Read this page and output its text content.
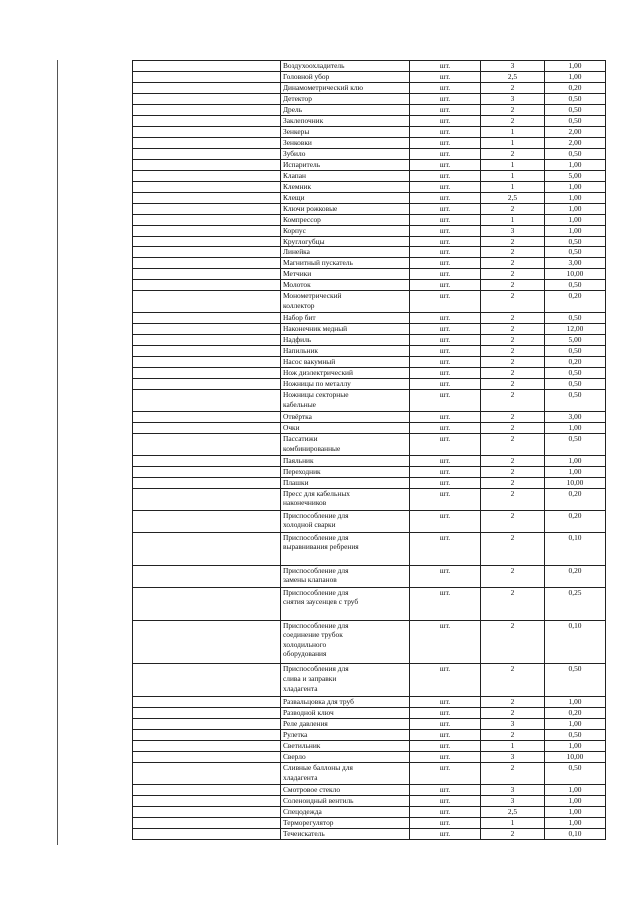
	Воздухоохладитель	шт.	3	1,00
	Головной убор	шт.	2,5	1,00
	Динамометрический клю	шт.	2	0,20
	Детектор	шт.	3	0,50
	Дрель	шт.	2	0,50
	Заклепочник	шт.	2	0,50
	Зенкеры	шт.	1	2,00
	Зенковки	шт.	1	2,00
	Зубило	шт.	2	0,50
	Испаритель	шт.	1	1,00
	Клапан	шт.	1	5,00
	Клемник	шт.	1	1,00
	Клещи	шт.	2,5	1,00
	Ключи рожковые	шт.	2	1,00
	Компрессор	шт.	1	1,00
	Корпус	шт.	3	1,00
	Круглогубцы	шт.	2	0,50
	Линейка	шт.	2	0,50
	Магнитный пускатель	шт.	2	3,00
	Метчики	шт.	2	10,00
	Молоток	шт.	2	0,50
	Монометрический
коллектор	шт.	2	0,20
	Набор бит	шт.	2	0,50
	Наконечник медный	шт.	2	12,00
	Надфиль	шт.	2	5,00
	Напильник	шт.	2	0,50
	Насос вакумный	шт.	2	0,20
	Нож диэлектрический	шт.	2	0,50
	Ножницы по металлу	шт.	2	0,50
	Ножницы секторные
кабельные	шт.	2	0,50
	Отвёртка	шт.	2	3,00
	Очки	шт.	2	1,00
	Пассатижи
комбинированные	шт.	2	0,50
	Паяльник	шт.	2	1,00
	Переходник	шт.	2	1,00
	Плашки	шт.	2	10,00
	Пресс для кабельных
наконечников	шт.	2	0,20
	Приспособление для
холодной сварки	шт.	2	0,20
	Приспособление для
выравнивания ребрения	шт.	2	0,10
	Приспособление для
замены клапанов	шт.	2	0,20
	Приспособление для
снятия заусенцев с труб	шт.	2	0,25
	Приспособление для
соединение трубок
холодильного
оборудования	шт.	2	0,10
	Приспособления для
слива и заправки
хладагента	шт.	2	0,50
	Развальцовка для труб	шт.	2	1,00
	Разводной ключ	шт.	2	0,20
	Реле давления	шт.	3	1,00
	Рулетка	шт.	2	0,50
	Светильник	шт.	1	1,00
	Сверло	шт.	3	10,00
	Сливные баллоны для
хладагента	шт.	2	0,50
	Смотровое стекло	шт.	3	1,00
	Соленоидный вентиль	шт.	3	1,00
	Спецодежда	шт.	2,5	1,00
	Терморегулятор	шт.	1	1,00
	Течеискатель	шт.	2	0,10
